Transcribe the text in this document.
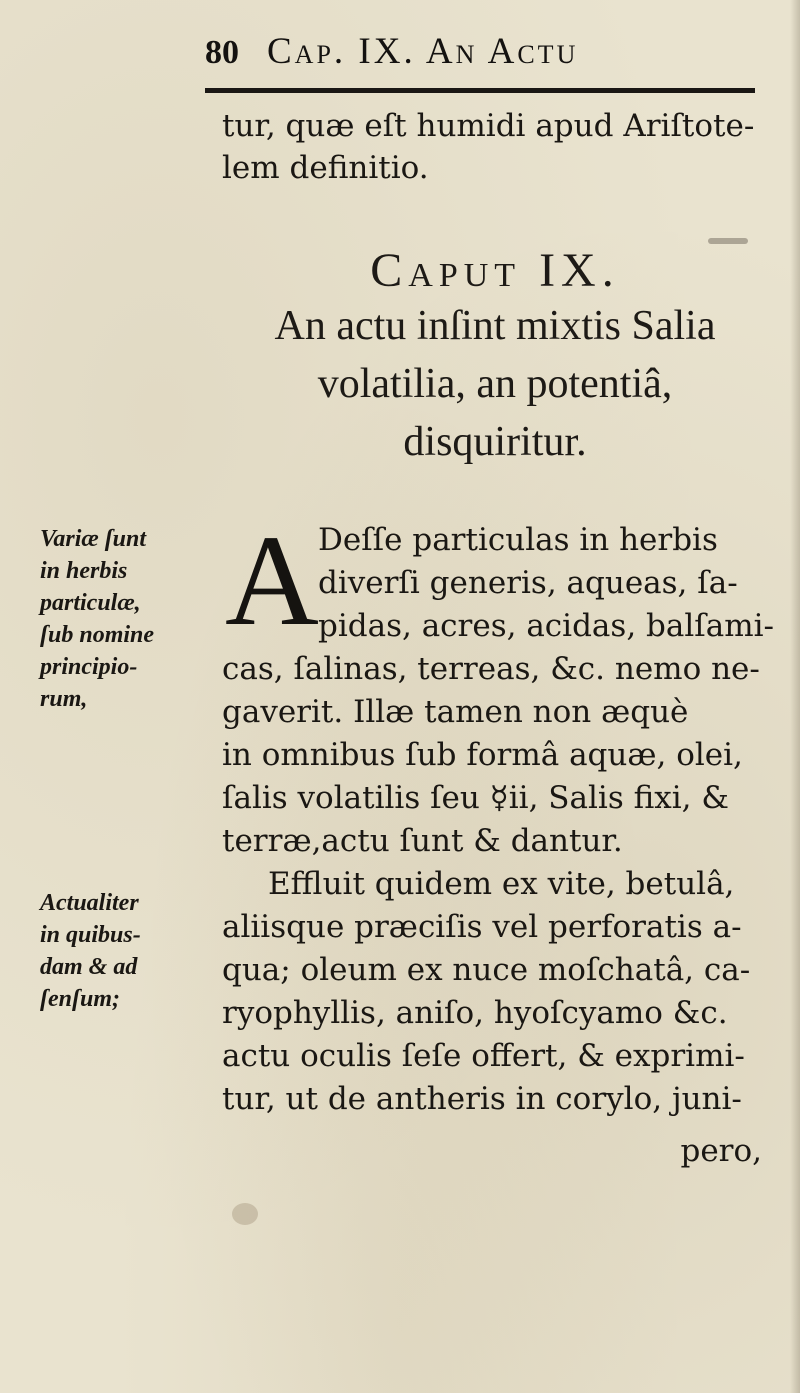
80 Cap. IX. An Actu
tur, quæ eſt humidi apud Ariſtote-
lem definitio.
Caput IX.
An actu inſint mixtis Salia
volatilia, an potentiâ,
disquiritur.
A Deſſe particulas in herbis
diverſi generis, aqueas, ſa-
pidas, acres, acidas, balſami-
cas, ſalinas, terreas, &c. nemo ne-
gaverit. Illæ tamen non æquè
in omnibus ſub formâ aquæ, olei,
ſalis volatilis ſeu ☿ii, Salis fixi, &
terræ,actu ſunt & dantur.
Effluit quidem ex vite, betulâ,
aliisque præciſis vel perforatis a-
qua; oleum ex nuce moſchatâ, ca-
ryophyllis, aniſo, hyoſcyamo &c.
actu oculis ſeſe offert, & exprimi-
tur, ut de antheris in corylo, juni-
pero,
Variæ ſunt
in herbis
particulæ,
ſub nomine
principio-
rum,
Actualiter
in quibus-
dam & ad
ſenſum;
